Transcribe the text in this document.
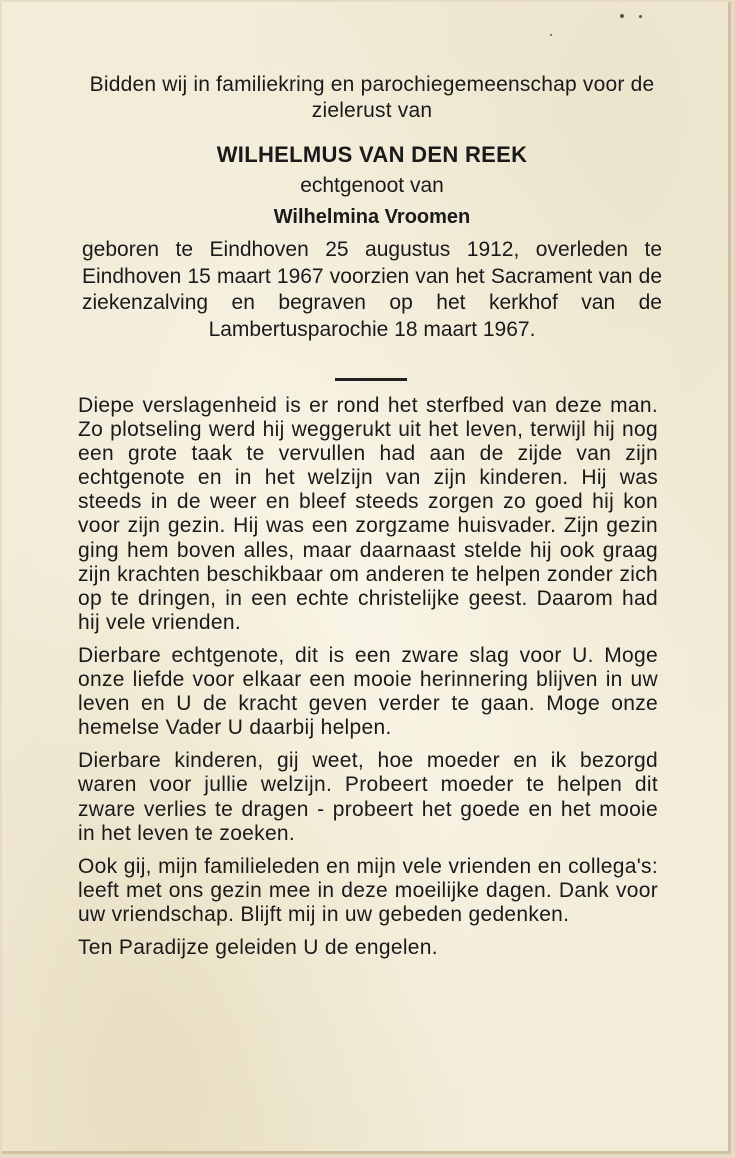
Bidden wij in familiekring en parochiegemeenschap voor de zielerust van
WILHELMUS VAN DEN REEK
echtgenoot van
Wilhelmina Vroomen
geboren te Eindhoven 25 augustus 1912, overleden te Eindhoven 15 maart 1967 voorzien van het Sacrament van de ziekenzalving en begraven op het kerkhof van de Lambertusparochie 18 maart 1967.

Diepe verslagenheid is er rond het sterfbed van deze man. Zo plotseling werd hij weggerukt uit het leven, terwijl hij nog een grote taak te vervullen had aan de zijde van zijn echtgenote en in het welzijn van zijn kinderen. Hij was steeds in de weer en bleef steeds zorgen zo goed hij kon voor zijn gezin. Hij was een zorgzame huisvader. Zijn gezin ging hem boven alles, maar daarnaast stelde hij ook graag zijn krachten beschikbaar om anderen te helpen zonder zich op te dringen, in een echte christelijke geest. Daarom had hij vele vrienden.

Dierbare echtgenote, dit is een zware slag voor U. Moge onze liefde voor elkaar een mooie herinnering blijven in uw leven en U de kracht geven verder te gaan. Moge onze hemelse Vader U daarbij helpen.

Dierbare kinderen, gij weet, hoe moeder en ik bezorgd waren voor jullie welzijn. Probeert moeder te helpen dit zware verlies te dragen - probeert het goede en het mooie in het leven te zoeken.

Ook gij, mijn familieleden en mijn vele vrienden en collega's: leeft met ons gezin mee in deze moeilijke dagen. Dank voor uw vriendschap. Blijft mij in uw gebeden gedenken.

Ten Paradijze geleiden U de engelen.
